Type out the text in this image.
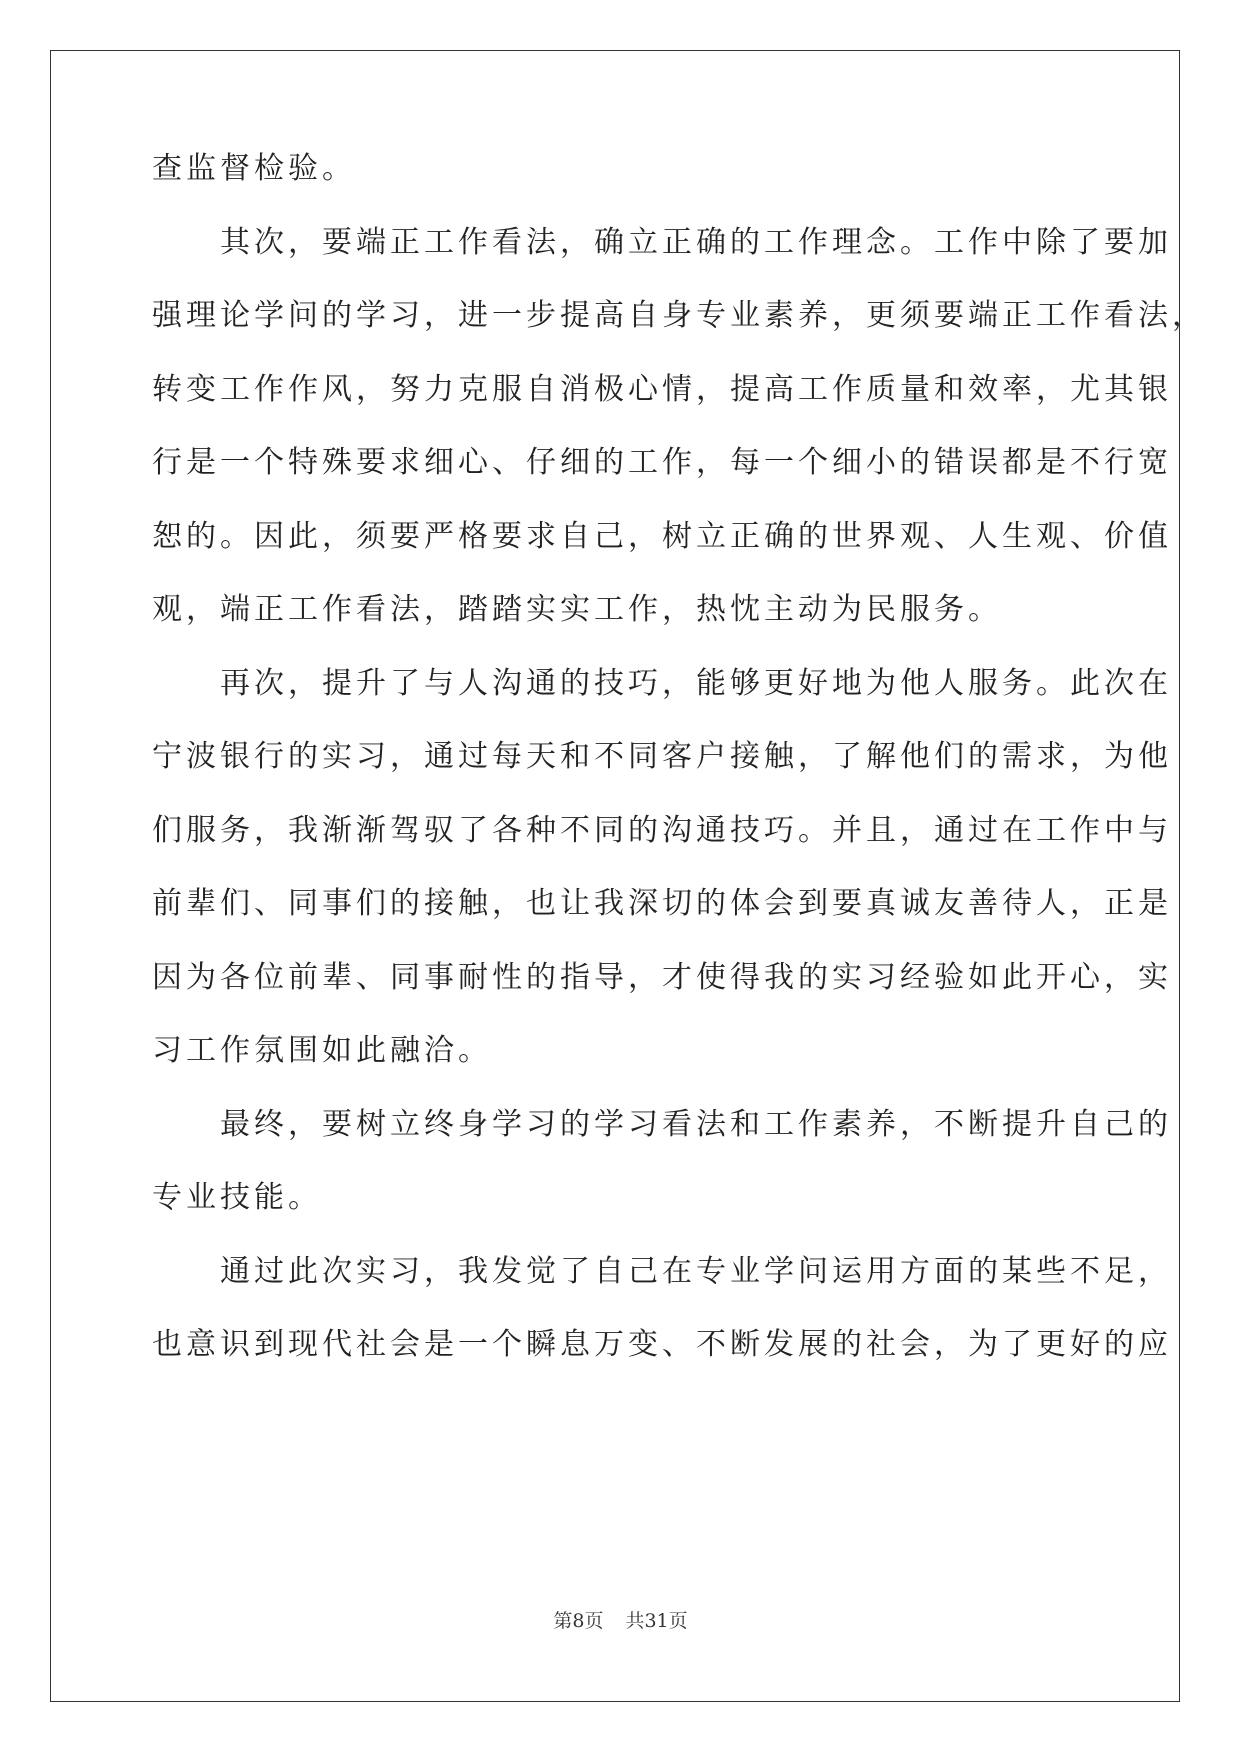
查监督检验。
　　其次，要端正工作看法，确立正确的工作理念。工作中除了要加
强理论学问的学习，进一步提高自身专业素养，更须要端正工作看法，
转变工作作风，努力克服自消极心情，提高工作质量和效率，尤其银
行是一个特殊要求细心、仔细的工作，每一个细小的错误都是不行宽
恕的。因此，须要严格要求自己，树立正确的世界观、人生观、价值
观，端正工作看法，踏踏实实工作，热忱主动为民服务。
　　再次，提升了与人沟通的技巧，能够更好地为他人服务。此次在
宁波银行的实习，通过每天和不同客户接触，了解他们的需求，为他
们服务，我渐渐驾驭了各种不同的沟通技巧。并且，通过在工作中与
前辈们、同事们的接触，也让我深切的体会到要真诚友善待人，正是
因为各位前辈、同事耐性的指导，才使得我的实习经验如此开心，实
习工作氛围如此融洽。
　　最终，要树立终身学习的学习看法和工作素养，不断提升自己的
专业技能。
　　通过此次实习，我发觉了自己在专业学问运用方面的某些不足，
也意识到现代社会是一个瞬息万变、不断发展的社会，为了更好的应
第8页 共31页
